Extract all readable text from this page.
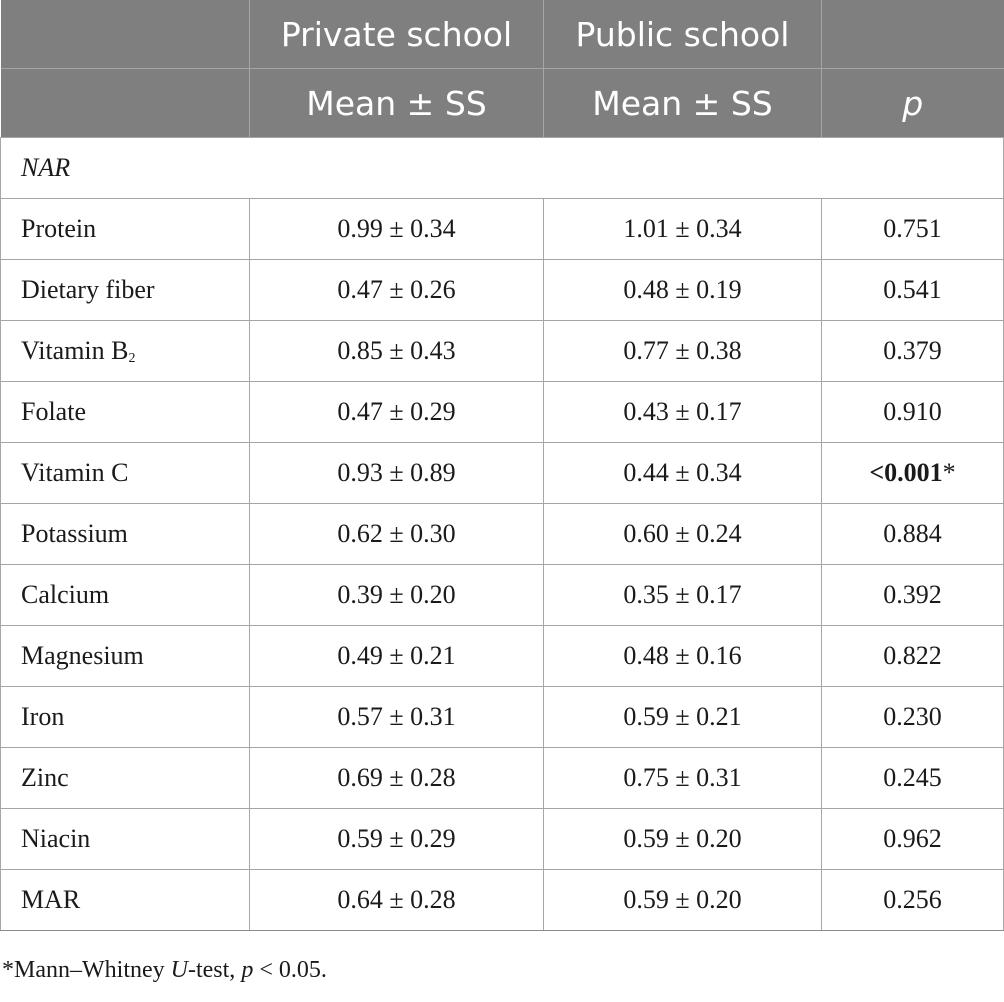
	Private school	Public school	
	Mean ± SS	Mean ± SS	p
NAR			
Protein	0.99 ± 0.34	1.01 ± 0.34	0.751
Dietary fiber	0.47 ± 0.26	0.48 ± 0.19	0.541
Vitamin $B_2$	0.85 ± 0.43	0.77 ± 0.38	0.379
Folate	0.47 ± 0.29	0.43 ± 0.17	0.910
Vitamin C	0.93 ± 0.89	0.44 ± 0.34	<0.001*
Potassium	0.62 ± 0.30	0.60 ± 0.24	0.884
Calcium	0.39 ± 0.20	0.35 ± 0.17	0.392
Magnesium	0.49 ± 0.21	0.48 ± 0.16	0.822
Iron	0.57 ± 0.31	0.59 ± 0.21	0.230
Zinc	0.69 ± 0.28	0.75 ± 0.31	0.245
Niacin	0.59 ± 0.29	0.59 ± 0.20	0.962
MAR	0.64 ± 0.28	0.59 ± 0.20	0.256
*Mann–Whitney U-test, p < 0.05.
